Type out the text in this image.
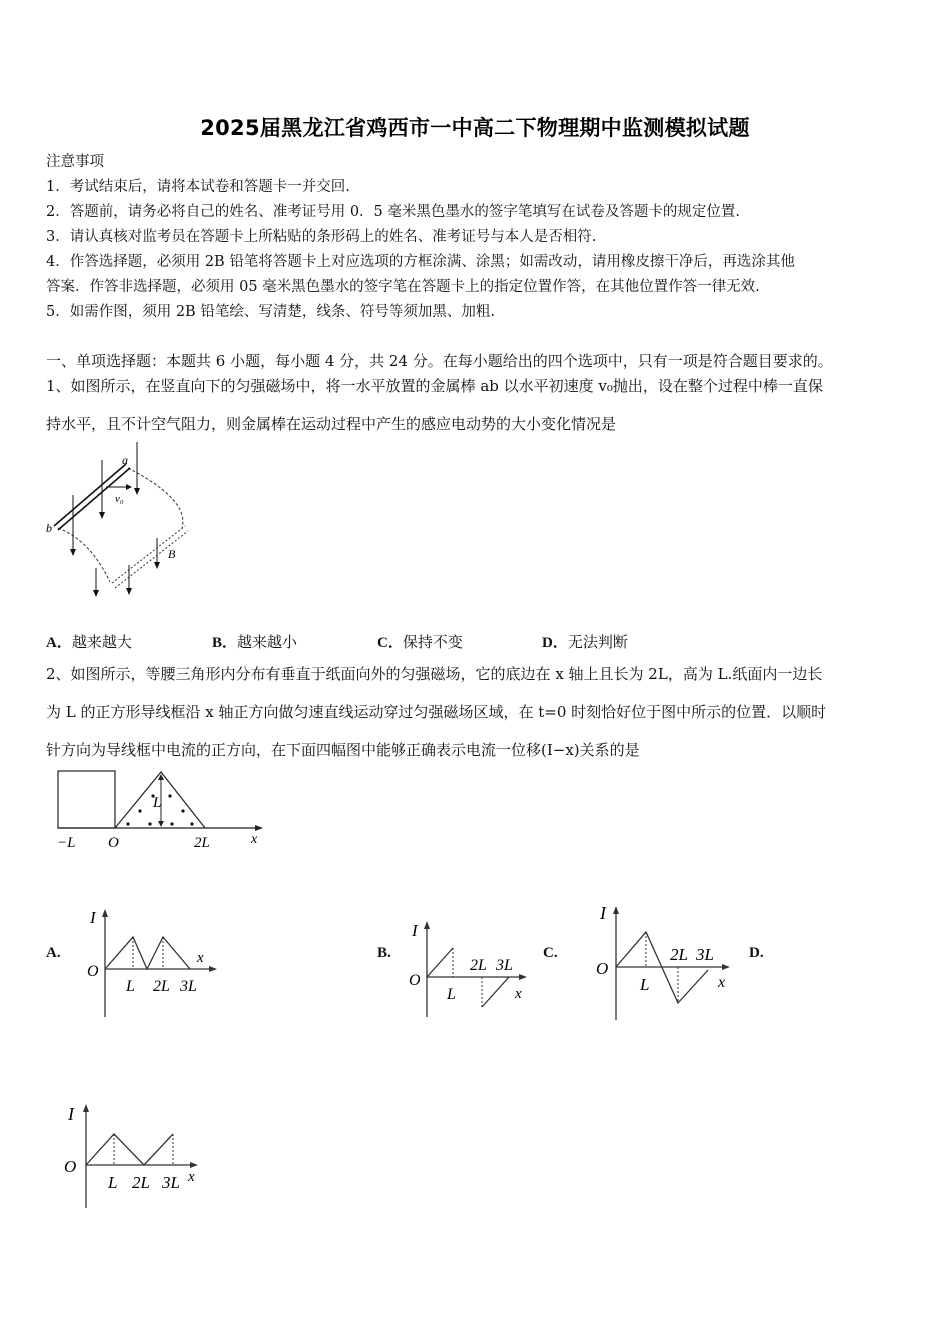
2025届黑龙江省鸡西市一中高二下物理期中监测模拟试题
注意事项
1．考试结束后，请将本试卷和答题卡一并交回.
2．答题前，请务必将自己的姓名、准考证号用 0．5 毫米黑色墨水的签字笔填写在试卷及答题卡的规定位置.
3．请认真核对监考员在答题卡上所粘贴的条形码上的姓名、准考证号与本人是否相符.
4．作答选择题，必须用 2B 铅笔将答题卡上对应选项的方框涂满、涂黑；如需改动，请用橡皮擦干净后，再选涂其他
答案．作答非选择题，必须用 05 毫米黑色墨水的签字笔在答题卡上的指定位置作答，在其他位置作答一律无效.
5．如需作图，须用 2B 铅笔绘、写清楚，线条、符号等须加黑、加粗.
一、单项选择题：本题共 6 小题，每小题 4 分，共 24 分。在每小题给出的四个选项中，只有一项是符合题目要求的。
1、如图所示，在竖直向下的匀强磁场中，将一水平放置的金属棒 ab 以水平初速度 v₀抛出，设在整个过程中棒一直保
持水平，且不计空气阻力，则金属棒在运动过程中产生的感应电动势的大小变化情况是
a
b
v₀
B
A．越来越大	B．越来越小	C．保持不变	D．无法判断
2、如图所示，等腰三角形内分布有垂直于纸面向外的匀强磁场，它的底边在 x 轴上且长为 2L，高为 L.纸面内一边长
为 L 的正方形导线框沿 x 轴正方向做匀速直线运动穿过匀强磁场区域，在 t=0 时刻恰好位于图中所示的位置．以顺时
针方向为导线框中电流的正方向，在下面四幅图中能够正确表示电流一位移(I−x)关系的是
L
−L O	2L	x
A.
I
O
x
L 2L 3L
B.
I
O
L
2L 3L
x
C.
I
O
L
2L 3L
x
D.
I
O
L 2L 3L x
